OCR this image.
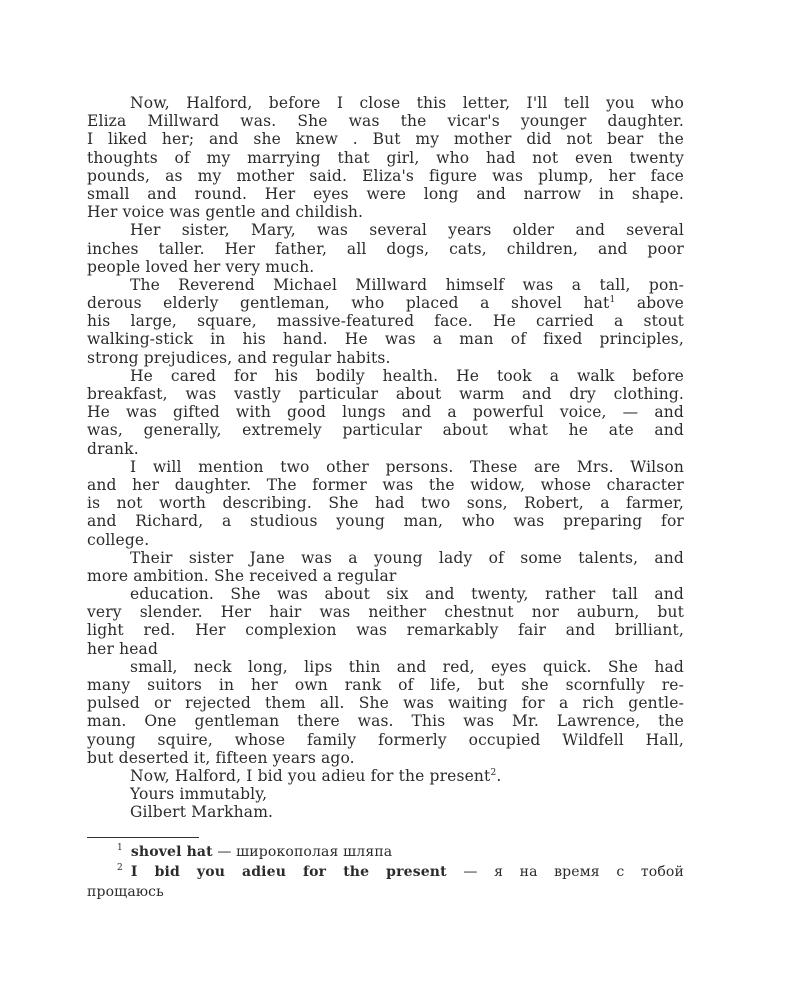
Now, Halford, before I close this letter, I'll tell you who
Eliza Millward was. She was the vicar's younger daughter.
I liked her; and she knew . But my mother did not bear the
thoughts of my marrying that girl, who had not even twenty
pounds, as my mother said. Eliza's figure was plump, her face
small and round. Her eyes were long and narrow in shape.
Her voice was gentle and childish.
Her sister, Mary, was several years older and several
inches taller. Her father, all dogs, cats, children, and poor
people loved her very much.
The Reverend Michael Millward himself was a tall, pon-
derous elderly gentleman, who placed a shovel hat$^1$ above
his large, square, massive-featured face. He carried a stout
walking-stick in his hand. He was a man of fixed principles,
strong prejudices, and regular habits.
He cared for his bodily health. He took a walk before
breakfast, was vastly particular about warm and dry clothing.
He was gifted with good lungs and a powerful voice, — and
was, generally, extremely particular about what he ate and
drank.
I will mention two other persons. These are Mrs. Wilson
and her daughter. The former was the widow, whose character
is not worth describing. She had two sons, Robert, a farmer,
and Richard, a studious young man, who was preparing for
college.
Their sister Jane was a young lady of some talents, and
more ambition. She received a regular
education. She was about six and twenty, rather tall and
very slender. Her hair was neither chestnut nor auburn, but
light red. Her complexion was remarkably fair and brilliant,
her head
small, neck long, lips thin and red, eyes quick. She had
many suitors in her own rank of life, but she scornfully re-
pulsed or rejected them all. She was waiting for a rich gentle-
man. One gentleman there was. This was Mr. Lawrence, the
young squire, whose family formerly occupied Wildfell Hall,
but deserted it, fifteen years ago.
Now, Halford, I bid you adieu for the present$^2$.
Yours immutably,
Gilbert Markham.
$^1$ shovel hat — широкополая шляпа
$^2$ I bid you adieu for the present — я на время с тобой
прощаюсь
